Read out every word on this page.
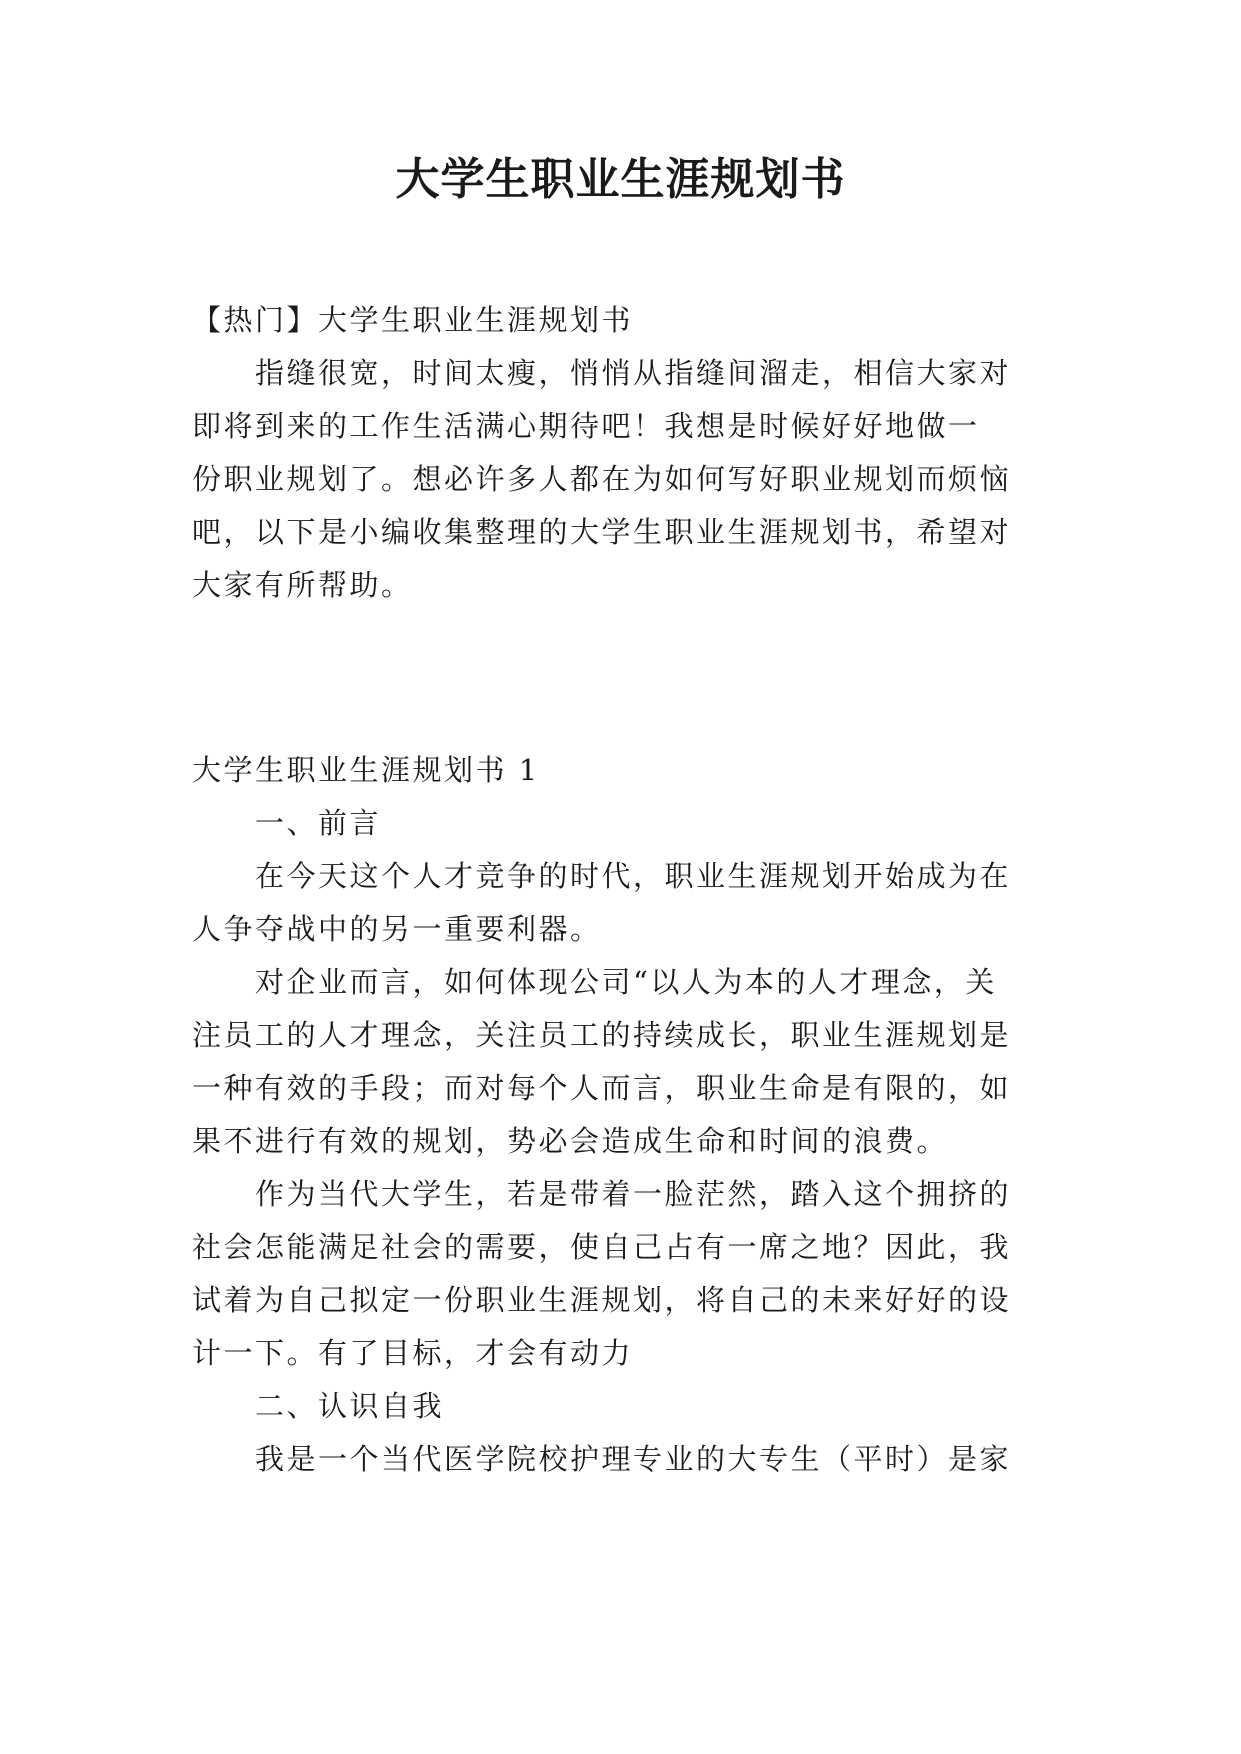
大学生职业生涯规划书

【热门】大学生职业生涯规划书

指缝很宽，时间太瘦，悄悄从指缝间溜走，相信大家对

即将到来的工作生活满心期待吧！我想是时候好好地做一

份职业规划了。想必许多人都在为如何写好职业规划而烦恼

吧，以下是小编收集整理的大学生职业生涯规划书，希望对

大家有所帮助。

大学生职业生涯规划书 1

一、前言

在今天这个人才竞争的时代，职业生涯规划开始成为在

人争夺战中的另一重要利器。

对企业而言，如何体现公司“以人为本的人才理念，关

注员工的人才理念，关注员工的持续成长，职业生涯规划是

一种有效的手段；而对每个人而言，职业生命是有限的，如

果不进行有效的规划，势必会造成生命和时间的浪费。

作为当代大学生，若是带着一脸茫然，踏入这个拥挤的

社会怎能满足社会的需要，使自己占有一席之地？因此，我

试着为自己拟定一份职业生涯规划，将自己的未来好好的设

计一下。有了目标，才会有动力

二、认识自我

我是一个当代医学院校护理专业的大专生（平时）是家
